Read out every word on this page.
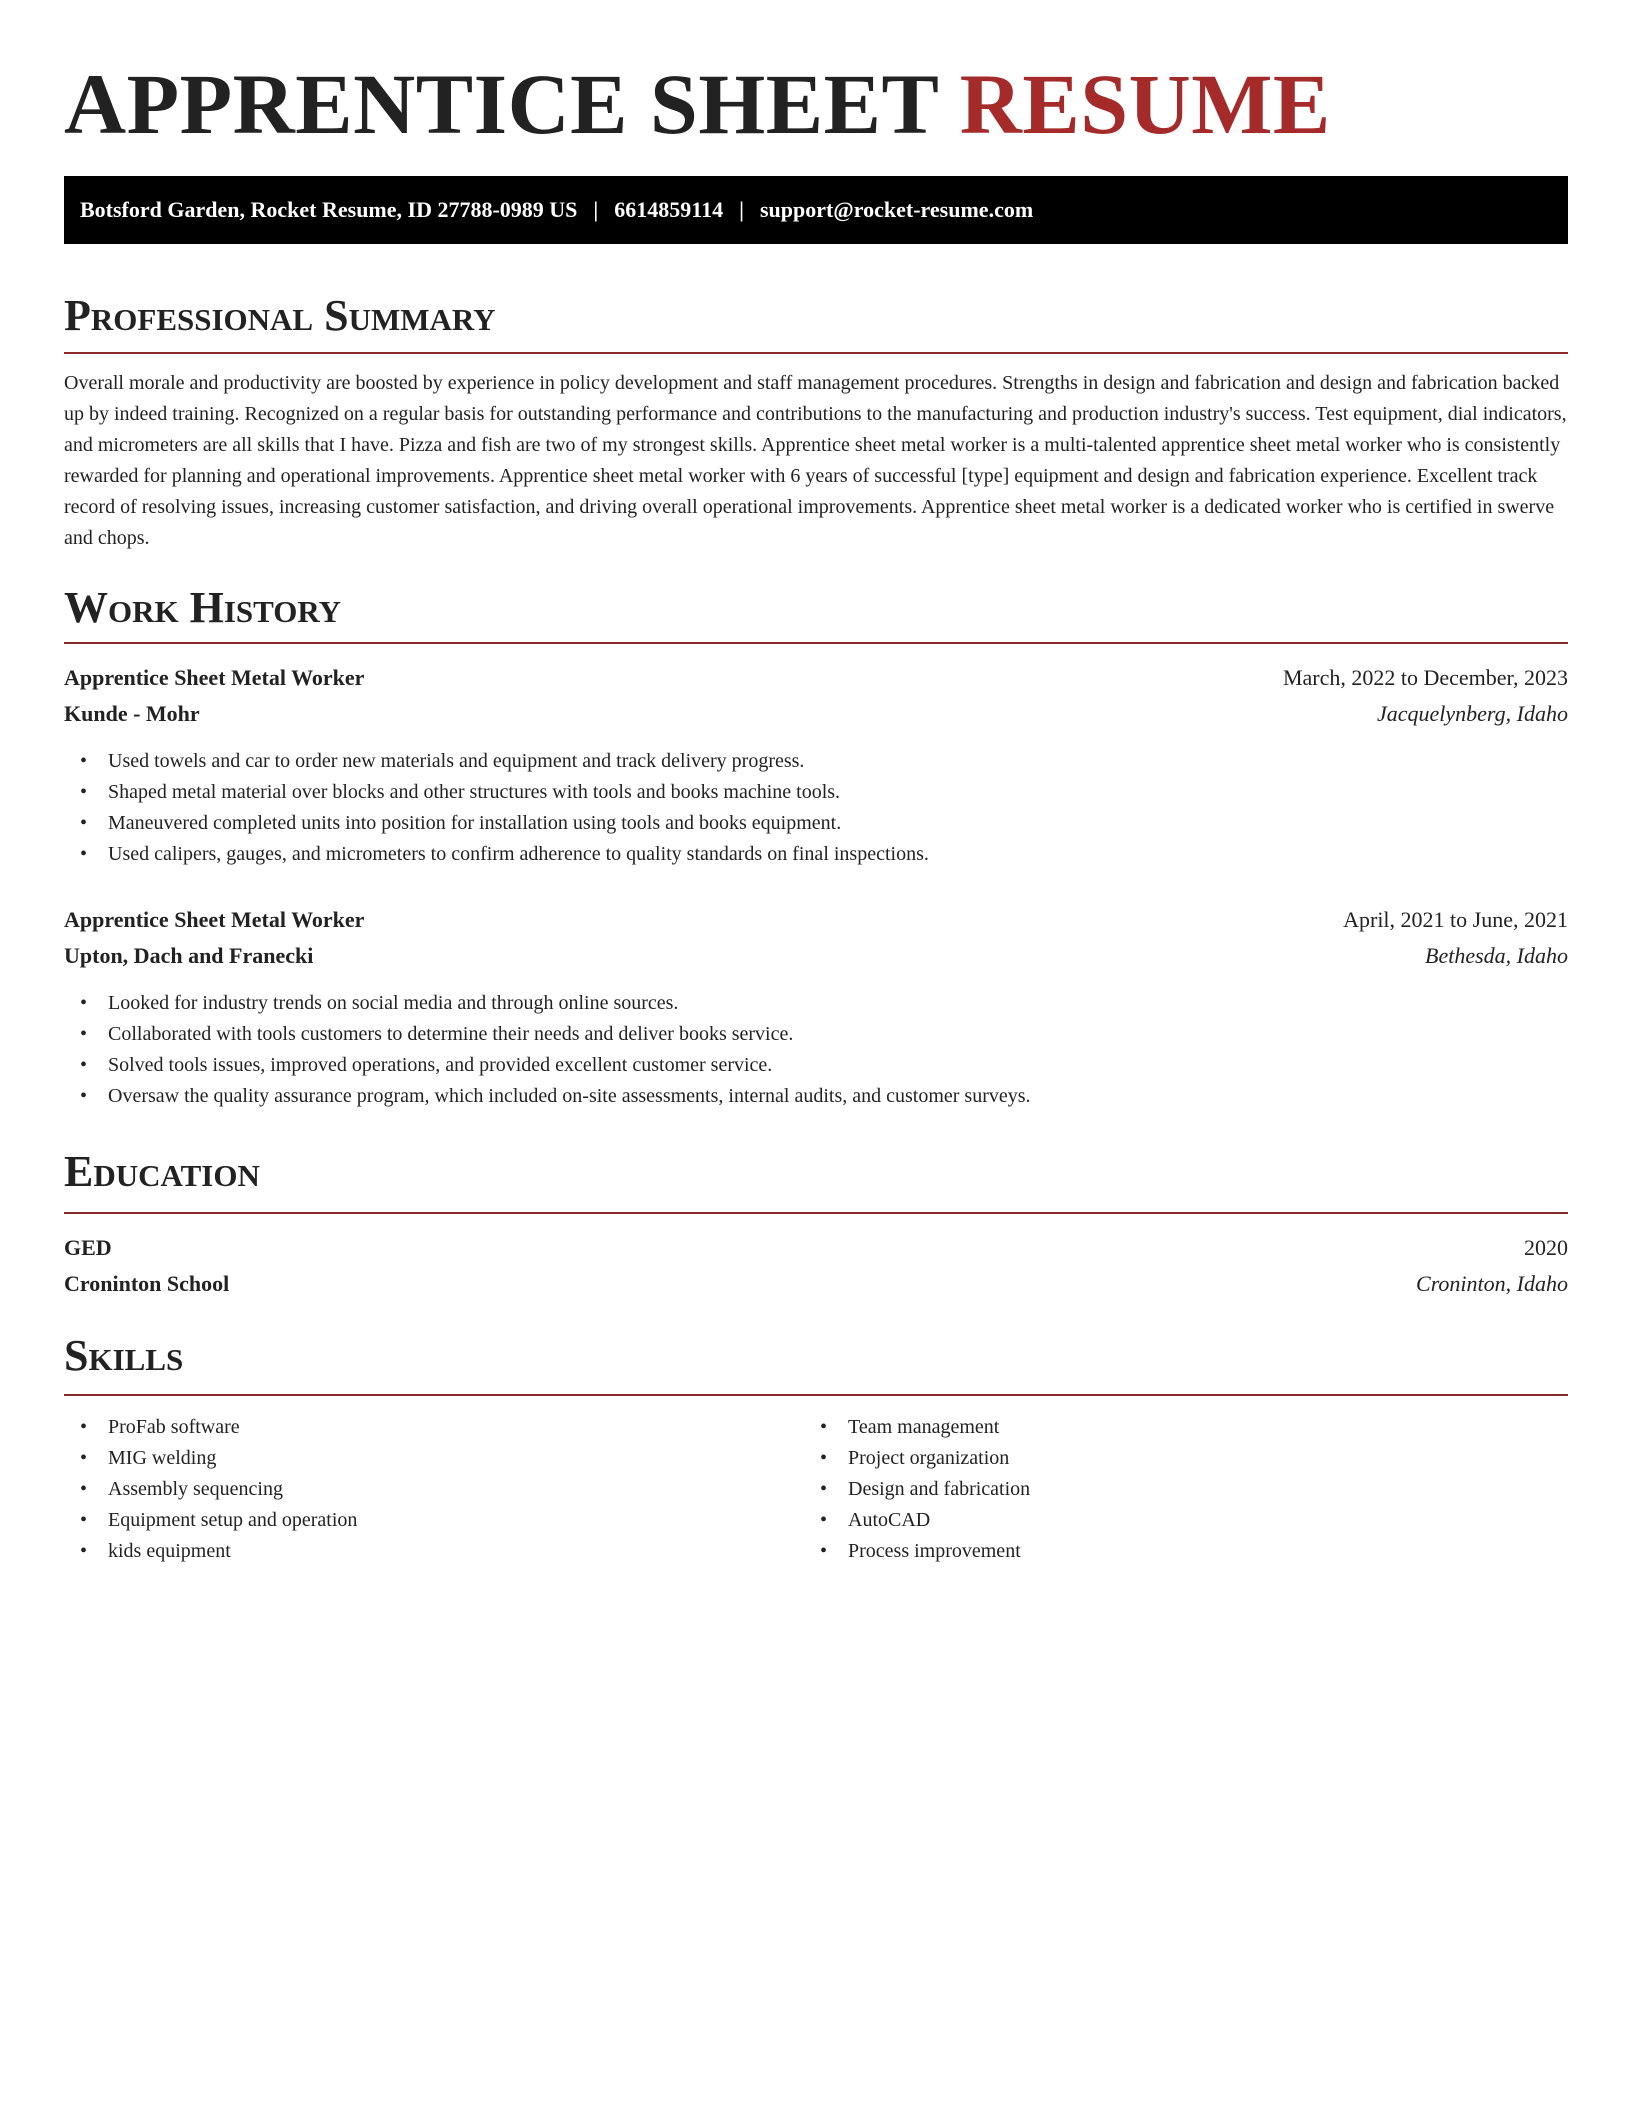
APPRENTICE SHEET RESUME
Botsford Garden, Rocket Resume, ID 27788-0989 US | 6614859114 | support@rocket-resume.com
Professional Summary

Overall morale and productivity are boosted by experience in policy development and staff management procedures. Strengths in design and fabrication and design and fabrication backed up by indeed training. Recognized on a regular basis for outstanding performance and contributions to the manufacturing and production industry's success. Test equipment, dial indicators, and micrometers are all skills that I have. Pizza and fish are two of my strongest skills. Apprentice sheet metal worker is a multi-talented apprentice sheet metal worker who is consistently rewarded for planning and operational improvements. Apprentice sheet metal worker with 6 years of successful [type] equipment and design and fabrication experience. Excellent track record of resolving issues, increasing customer satisfaction, and driving overall operational improvements. Apprentice sheet metal worker is a dedicated worker who is certified in swerve and chops.

Work History
Apprentice Sheet Metal Worker	March, 2022 to December, 2023
Kunde - Mohr	Jacquelynberg, Idaho
• Used towels and car to order new materials and equipment and track delivery progress.
• Shaped metal material over blocks and other structures with tools and books machine tools.
• Maneuvered completed units into position for installation using tools and books equipment.
• Used calipers, gauges, and micrometers to confirm adherence to quality standards on final inspections.
Apprentice Sheet Metal Worker	April, 2021 to June, 2021
Upton, Dach and Franecki	Bethesda, Idaho
• Looked for industry trends on social media and through online sources.
• Collaborated with tools customers to determine their needs and deliver books service.
• Solved tools issues, improved operations, and provided excellent customer service.
• Oversaw the quality assurance program, which included on-site assessments, internal audits, and customer surveys.
Education
GED	2020
Croninton School	Croninton, Idaho
Skills
• ProFab software
• MIG welding
• Assembly sequencing
• Equipment setup and operation
• kids equipment
• Team management
• Project organization
• Design and fabrication
• AutoCAD
• Process improvement
